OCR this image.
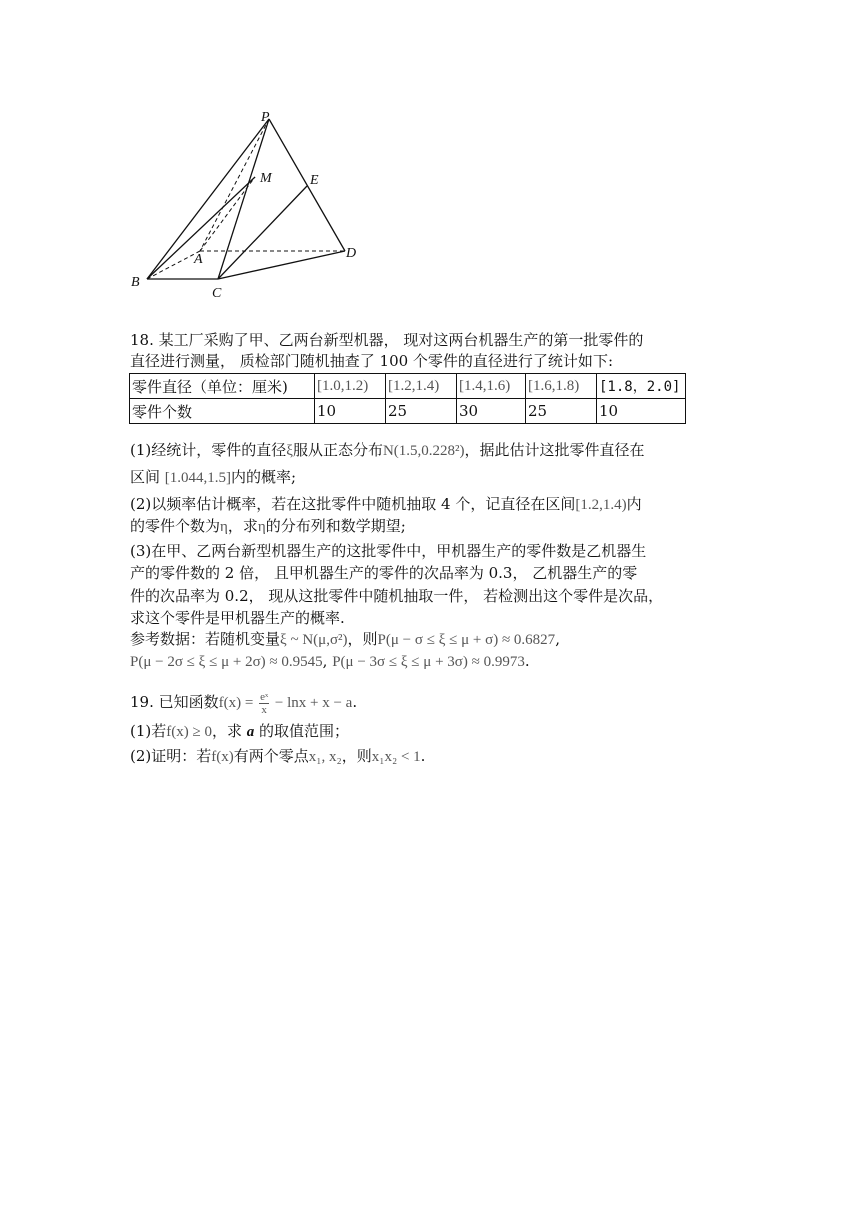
P
M	E
A
B
C
D
18. 某工厂采购了甲、乙两台新型机器， 现对这两台机器生产的第一批零件的
直径进行测量， 质检部门随机抽查了 100 个零件的直径进行了统计如下:
零件直径（单位：厘米)	[1.0,1.2)	[1.2,1.4)	[1.4,1.6)	[1.6,1.8)	[1.8，2.0]
零件个数	10	25	30	25	10
(1)经统计，零件的直径ξ服从正态分布N(1.5,0.228²)，据此估计这批零件直径在
区间 [1.044,1.5]内的概率;
(2)以频率估计概率，若在这批零件中随机抽取 4 个，记直径在区间[1.2,1.4)内
的零件个数为η，求η的分布列和数学期望;
(3)在甲、乙两台新型机器生产的这批零件中，甲机器生产的零件数是乙机器生
产的零件数的 2 倍， 且甲机器生产的零件的次品率为 0.3， 乙机器生产的零
件的次品率为 0.2， 现从这批零件中随机抽取一件， 若检测出这个零件是次品，
求这个零件是甲机器生产的概率.
参考数据：若随机变量ξ ~ N(μ,σ²)，则P(μ − σ ≤ ξ ≤ μ + σ) ≈ 0.6827,
P(μ − 2σ ≤ ξ ≤ μ + 2σ) ≈ 0.9545, P(μ − 3σ ≤ ξ ≤ μ + 3σ) ≈ 0.9973.
19. 已知函数$f(x) = \frac{\text{eˣ}}{x} - \ln x + x - a$.
(1)若f(x) ≥ 0，求 a 的取值范围；
(2)证明：若f(x)有两个零点x₁, x₂，则x₁x₂ < 1.
